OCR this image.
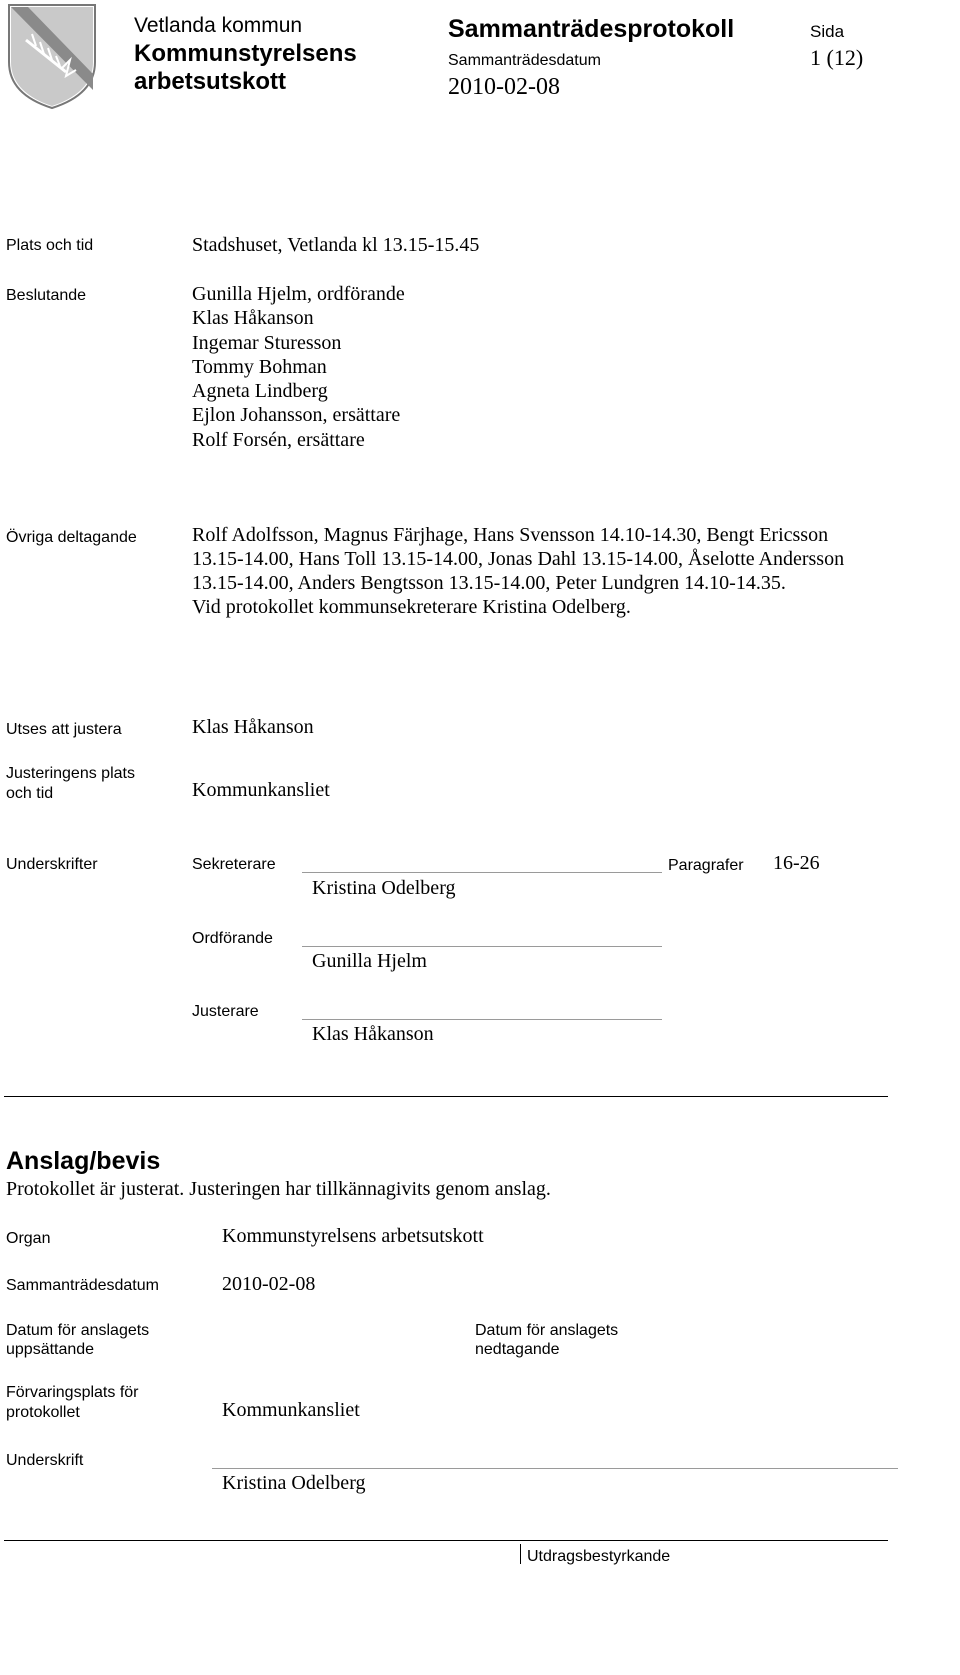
Vetlanda kommun
Kommunstyrelsens
arbetsutskott
Sammanträdesprotokoll
Sammanträdesdatum
2010-02-08
Sida
1 (12)
Plats och tid	Stadshuset, Vetlanda kl 13.15-15.45
Beslutande	Gunilla Hjelm, ordförande
Klas Håkanson
Ingemar Sturesson
Tommy Bohman
Agneta Lindberg
Ejlon Johansson, ersättare
Rolf Forsén, ersättare
Övriga deltagande	Rolf Adolfsson, Magnus Färjhage, Hans Svensson 14.10-14.30, Bengt Ericsson
13.15-14.00, Hans Toll 13.15-14.00, Jonas Dahl 13.15-14.00, Åselotte Andersson
13.15-14.00, Anders Bengtsson 13.15-14.00, Peter Lundgren 14.10-14.35.
Vid protokollet kommunsekreterare Kristina Odelberg.
Utses att justera	Klas Håkanson
Justeringens plats
och tid	Kommunkansliet
Underskrifter	Sekreterare
Kristina Odelberg
Paragrafer 16-26
Ordförande
Gunilla Hjelm
Justerare
Klas Håkanson
Anslag/bevis
Protokollet är justerat. Justeringen har tillkännagivits genom anslag.
Organ	Kommunstyrelsens arbetsutskott
Sammanträdesdatum	2010-02-08
Datum för anslagets
uppsättande
Datum för anslagets
nedtagande
Förvaringsplats för
protokollet	Kommunkansliet
Underskrift
Kristina Odelberg
Utdragsbestyrkande
